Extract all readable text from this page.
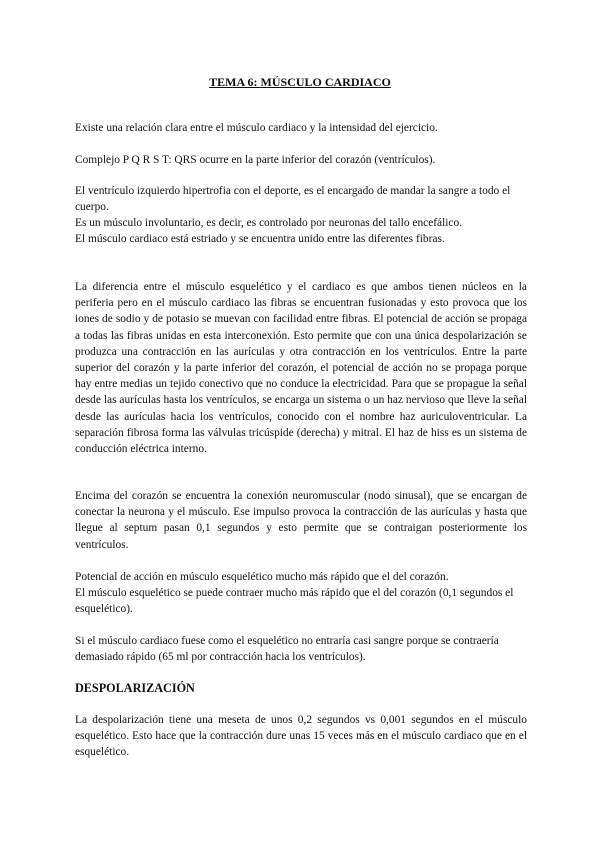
TEMA 6: MÚSCULO CARDIACO

Existe una relación clara entre el músculo cardiaco y la intensidad del ejercicio.

Complejo P Q R S T: QRS ocurre en la parte inferior del corazón (ventrículos).

El ventrículo izquierdo hipertrofia con el deporte, es el encargado de mandar la sangre a todo el cuerpo.

Es un músculo involuntario, es decir, es controlado por neuronas del tallo encefálico.

El músculo cardiaco está estriado y se encuentra unido entre las diferentes fibras.

La diferencia entre el músculo esquelético y el cardiaco es que ambos tienen núcleos en la periferia pero en el músculo cardiaco las fibras se encuentran fusionadas y esto provoca que los iones de sodio y de potasio se muevan con facilidad entre fibras. El potencial de acción se propaga a todas las fibras unidas en esta interconexión. Esto permite que con una única despolarización se produzca una contracción en las aurículas y otra contracción en los ventrículos. Entre la parte superior del corazón y la parte inferior del corazón, el potencial de acción no se propaga porque hay entre medias un tejido conectivo que no conduce la electricidad. Para que se propague la señal desde las aurículas hasta los ventrículos, se encarga un sistema o un haz nervioso que lleve la señal desde las aurículas hacia los ventrículos, conocido con el nombre haz auriculoventricular. La separación fibrosa forma las válvulas tricúspide (derecha) y mitral. El haz de hiss es un sistema de conducción eléctrica interno.

Encima del corazón se encuentra la conexión neuromuscular (nodo sinusal), que se encargan de conectar la neurona y el músculo. Ese impulso provoca la contracción de las aurículas y hasta que llegue al septum pasan 0,1 segundos y esto permite que se contraigan posteriormente los ventrículos.

Potencial de acción en músculo esquelético mucho más rápido que el del corazón.

El músculo esquelético se puede contraer mucho más rápido que el del corazón (0,1 segundos el esquelético).

Si el músculo cardiaco fuese como el esquelético no entraría casi sangre porque se contraería demasiado rápido (65 ml por contracción hacia los ventrículos).

DESPOLARIZACIÓN

La despolarización tiene una meseta de unos 0,2 segundos vs 0,001 segundos en el músculo esquelético. Esto hace que la contracción dure unas 15 veces más en el músculo cardiaco que en el esquelético.
